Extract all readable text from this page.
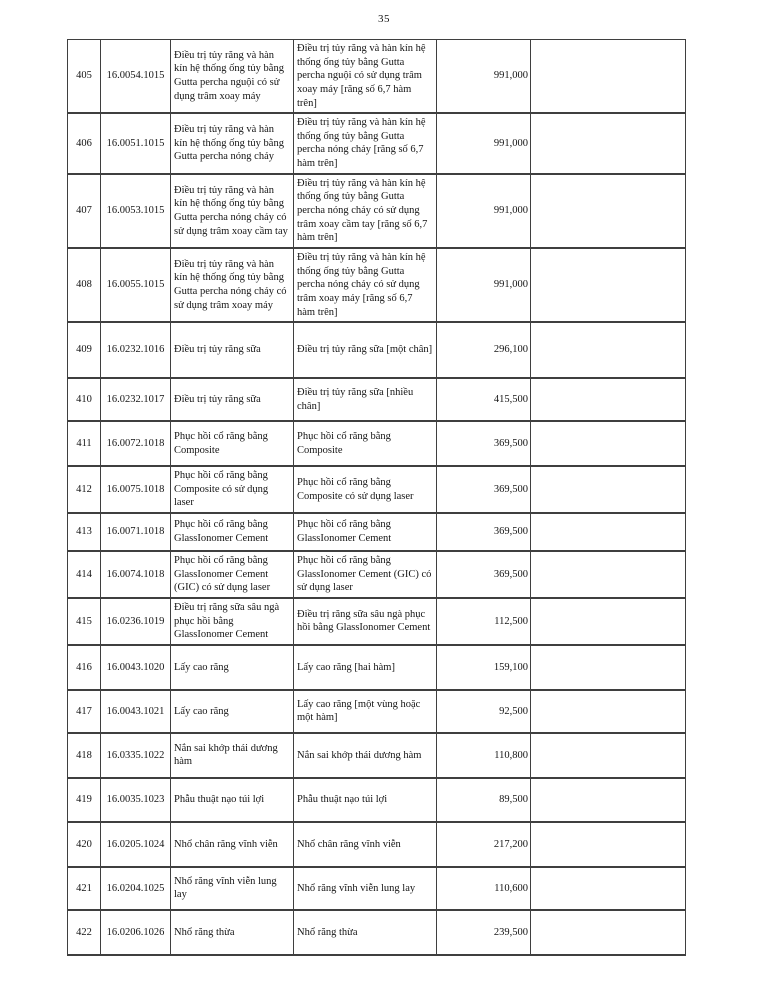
35
405	16.0054.1015	Điều trị tủy răng và hàn kín hệ thống ống tủy bằng Gutta percha nguội có sử dụng trâm xoay máy	Điều trị tủy răng và hàn kín hệ thống ống tủy bằng Gutta percha nguội có sử dụng trâm xoay máy [răng số 6,7 hàm trên]	991,000	
406	16.0051.1015	Điều trị tủy răng và hàn kín hệ thống ống tủy bằng Gutta percha nóng chảy	Điều trị tủy răng và hàn kín hệ thống ống tủy bằng Gutta percha nóng chảy [răng số 6,7 hàm trên]	991,000	
407	16.0053.1015	Điều trị tủy răng và hàn kín hệ thống ống tủy bằng Gutta percha nóng chảy có sử dụng trâm xoay cầm tay	Điều trị tủy răng và hàn kín hệ thống ống tủy bằng Gutta percha nóng chảy có sử dụng trâm xoay cầm tay [răng số 6,7 hàm trên]	991,000	
408	16.0055.1015	Điều trị tủy răng và hàn kín hệ thống ống tủy bằng Gutta percha nóng chảy có sử dụng trâm xoay máy	Điều trị tủy răng và hàn kín hệ thống ống tủy bằng Gutta percha nóng chảy có sử dụng trâm xoay máy [răng số 6,7 hàm trên]	991,000	
409	16.0232.1016	Điều trị tủy răng sữa	Điều trị tủy răng sữa [một chân]	296,100	
410	16.0232.1017	Điều trị tủy răng sữa	Điều trị tủy răng sữa [nhiều chân]	415,500	
411	16.0072.1018	Phục hồi cổ răng bằng Composite	Phục hồi cổ răng bằng Composite	369,500	
412	16.0075.1018	Phục hồi cổ răng bằng Composite có sử dụng laser	Phục hồi cổ răng bằng Composite có sử dụng laser	369,500	
413	16.0071.1018	Phục hồi cổ răng bằng GlassIonomer Cement	Phục hồi cổ răng bằng GlassIonomer Cement	369,500	
414	16.0074.1018	Phục hồi cổ răng bằng GlassIonomer Cement (GIC) có sử dụng laser	Phục hồi cổ răng bằng GlassIonomer Cement (GIC) có sử dụng laser	369,500	
415	16.0236.1019	Điều trị răng sữa sâu ngà phục hồi bằng GlassIonomer Cement	Điều trị răng sữa sâu ngà phục hồi bằng GlassIonomer Cement	112,500	
416	16.0043.1020	Lấy cao răng	Lấy cao răng [hai hàm]	159,100	
417	16.0043.1021	Lấy cao răng	Lấy cao răng [một vùng hoặc một hàm]	92,500	
418	16.0335.1022	Nắn sai khớp thái dương hàm	Nắn sai khớp thái dương hàm	110,800	
419	16.0035.1023	Phẫu thuật nạo túi lợi	Phẫu thuật nạo túi lợi	89,500	
420	16.0205.1024	Nhổ chân răng vĩnh viễn	Nhổ chân răng vĩnh viễn	217,200	
421	16.0204.1025	Nhổ răng vĩnh viễn lung lay	Nhổ răng vĩnh viễn lung lay	110,600	
422	16.0206.1026	Nhổ răng thừa	Nhổ răng thừa	239,500	
